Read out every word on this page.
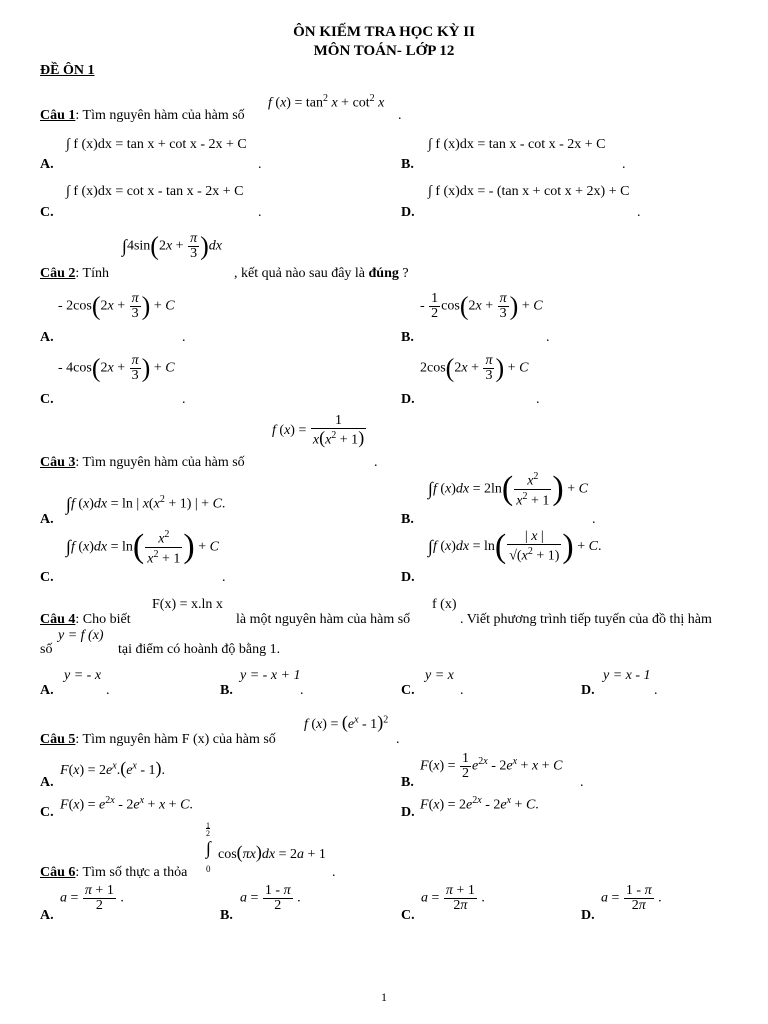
ÔN KIẾM TRA HỌC KỲ II
MÔN TOÁN- LỚP 12
ĐỀ ÔN 1
Câu 1: Tìm nguyên hàm của hàm số
f $(x) = \tan^2 x + \cot^2 x$
.
A.
∫ f (x)dx = tan x + cot x - 2x + C
.	B.
∫ f (x)dx = tan x - cot x - 2x + C
.
C.
∫ f (x)dx = cot x - tan x - 2x + C
.	D.
∫ f (x)dx = - (tan x + cot x + 2x) + C
.
$\int 4\sin(2x + \frac{\pi}{3} )dx$
Câu 2: Tính	, kết quả nào sau đây là đúng ?
A.
- $2\cos(2x + \frac{\pi}{3}$ ) + C
.	B.
- $\frac{1}{2} \cos(2x + \frac{\pi}{3}$ ) + C
.
C.
- $4\cos(2x + \frac{\pi}{3}$ ) + C
.	D.
$2\cos(2x + \frac{\pi}{3}$ ) + C
.
f $(x) = \frac{1}{x(x^2 + 1)}$
Câu 3: Tìm nguyên hàm của hàm số	.
A.
∫f (x)dx = ln | $x(x^2 + 1)$ | + C.
B.
∫f $(x)dx = 2\ln( \frac{x^2}{x^2 + 1}$ ) + C
.
C.
∫f $(x)dx = \ln( \frac{x^2}{x^2 + 1}$ ) + C
.	D.
∫f $(x)dx = \ln( \frac{| x |}{√(x^2 + 1)}$ ) + C.
F(x) = x.ln x	f (x)
Câu 4: Cho biết	là một nguyên hàm của hàm số	. Viết phương trình tiếp tuyến của đồ thị hàm
số
y = f (x)
tại điểm có hoành độ bằng 1.
A.
y = - x
.	B.
y = - x + 1
.	C.
y = x
.	D.
y = x - 1
.
f $(x) = (e^x - 1)^2$
Câu 5: Tìm nguyên hàm F (x) của hàm số	.
A.
$F(x) = 2e^x.(e^x - 1)$.
B.
$F(x) = \frac{1}{2} e^{2x} - 2e^x + x + C$
.
C. $F(x) = e^{2x} - 2e^x + x + C$.	D. $F(x) = 2e^{2x} - 2e^x + C$.
1
2
∫
0
cos(πx)dx = 2a + 1
Câu 6: Tìm số thực a thỏa	.
A.
$a = \frac{\pi + 1}{2}$ .
B.
$a = \frac{1 - \pi}{2}$ .
C.
$a = \frac{\pi + 1}{2\pi}$ .
D.
$a = \frac{1 - \pi}{2\pi}$ .
1
